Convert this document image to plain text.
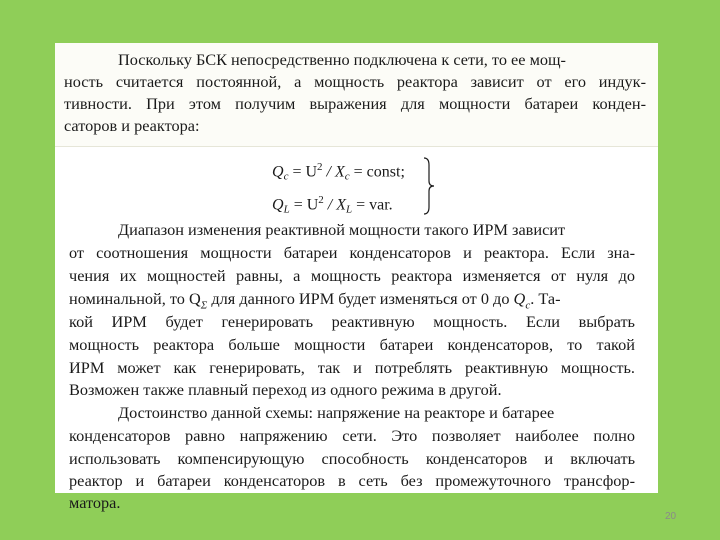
Поскольку БСК непосредственно подключена к сети, то ее мощ-

ность считается постоянной, а мощность реактора зависит от его индук-

тивности. При этом получим выражения для мощности батареи конден-

саторов и реактора:

$Q_c = U^2 / X_c$ = const;
$Q_L = U^2 / X_L$ = var.

Диапазон изменения реактивной мощности такого ИРМ зависит

от соотношения мощности батареи конденсаторов и реактора. Если зна-

чения их мощностей равны, а мощность реактора изменяется от нуля до

номинальной, то $Q_\Sigma$ для данного ИРМ будет изменяться от 0 до $Q_c$. Та-

кой ИРМ будет генерировать реактивную мощность. Если выбрать

мощность реактора больше мощности батареи конденсаторов, то такой

ИРМ может как генерировать, так и потреблять реактивную мощность.

Возможен также плавный переход из одного режима в другой.

Достоинство данной схемы: напряжение на реакторе и батарее

конденсаторов равно напряжению сети. Это позволяет наиболее полно

использовать компенсирующую способность конденсаторов и включать

реактор и батареи конденсаторов в сеть без промежуточного трансфор-

матора.

20
